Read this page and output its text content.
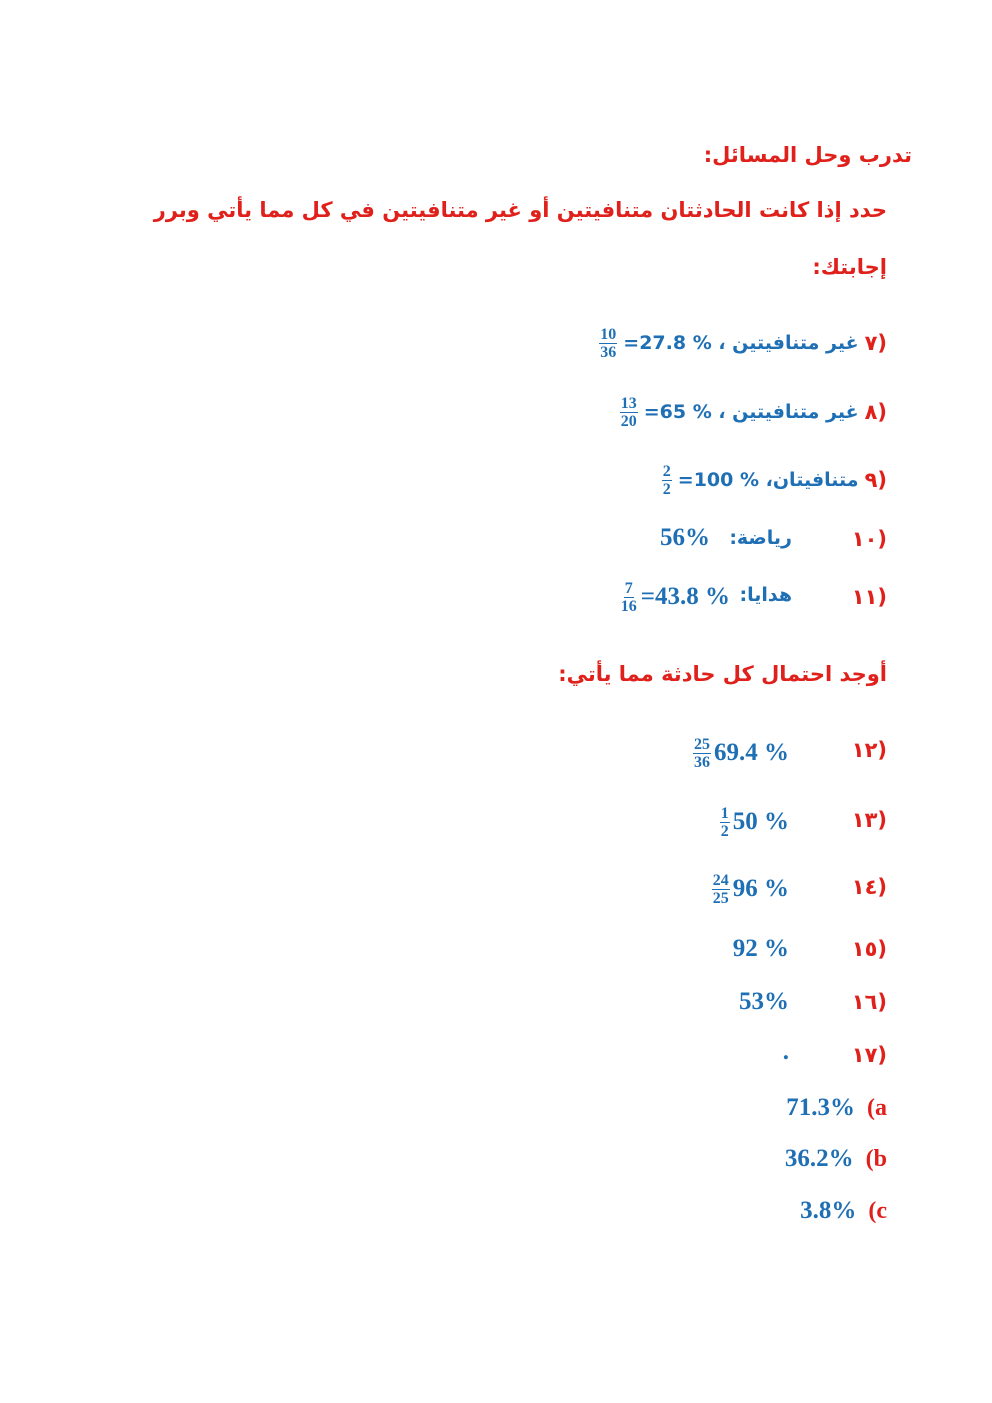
تدرب وحل المسائل:
حدد إذا كانت الحادثتان متنافيتين أو غير متنافيتين في كل مما يأتي وبرر
إجابتك:
$\frac{10}{36}$ غير متنافيتين ، % 27.8= ٧)
$\frac{13}{20}$ غير متنافيتين ، % 65= ٨)
$\frac{2}{2}$ متنافيتان، % 100= ٩)
١٠)
رياضة:
56%
١١)
هدايا:
$\frac{7}{16}$ % 43.8=
أوجد احتمال كل حادثة مما يأتي:
١٢)
$\frac{25}{36} 69.4$ %
١٣)
$\frac{1}{2} 50$ %
١٤)
$\frac{24}{25} 96$ %
١٥)
92 %
١٦)
53%
١٧)
.
71.3% (a
36.2% (b
3.8% (c
